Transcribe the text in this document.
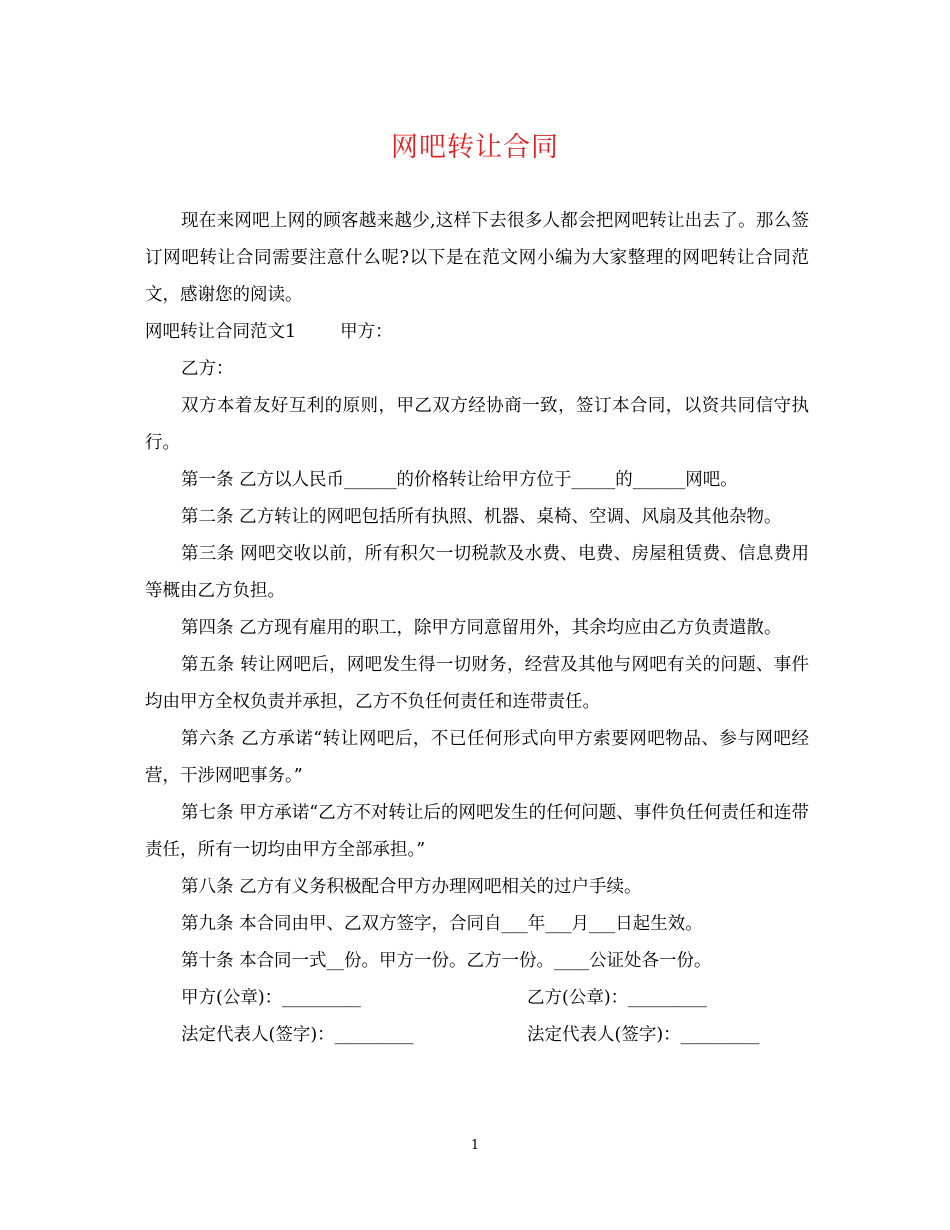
网吧转让合同

现在来网吧上网的顾客越来越少,这样下去很多人都会把网吧转让出去了。那么签订网吧转让合同需要注意什么呢?以下是在范文网小编为大家整理的网吧转让合同范文，感谢您的阅读。

网吧转让合同范文1	甲方：

乙方：

双方本着友好互利的原则，甲乙双方经协商一致，签订本合同，以资共同信守执行。

第一条 乙方以人民币______的价格转让给甲方位于_____的______网吧。

第二条 乙方转让的网吧包括所有执照、机器、桌椅、空调、风扇及其他杂物。

第三条 网吧交收以前，所有积欠一切税款及水费、电费、房屋租赁费、信息费用等概由乙方负担。

第四条 乙方现有雇用的职工，除甲方同意留用外，其余均应由乙方负责遣散。

第五条 转让网吧后，网吧发生得一切财务，经营及其他与网吧有关的问题、事件均由甲方全权负责并承担，乙方不负任何责任和连带责任。

第六条 乙方承诺“转让网吧后，不已任何形式向甲方索要网吧物品、参与网吧经营，干涉网吧事务。”

第七条 甲方承诺“乙方不对转让后的网吧发生的任何问题、事件负任何责任和连带责任，所有一切均由甲方全部承担。”

第八条 乙方有义务积极配合甲方办理网吧相关的过户手续。

第九条 本合同由甲、乙双方签字，合同自___年___月___日起生效。

第十条 本合同一式__份。甲方一份。乙方一份。____公证处各一份。

甲方(公章)：_________	乙方(公章)：_________
法定代表人(签字)：_________	法定代表人(签字)：_________
1
